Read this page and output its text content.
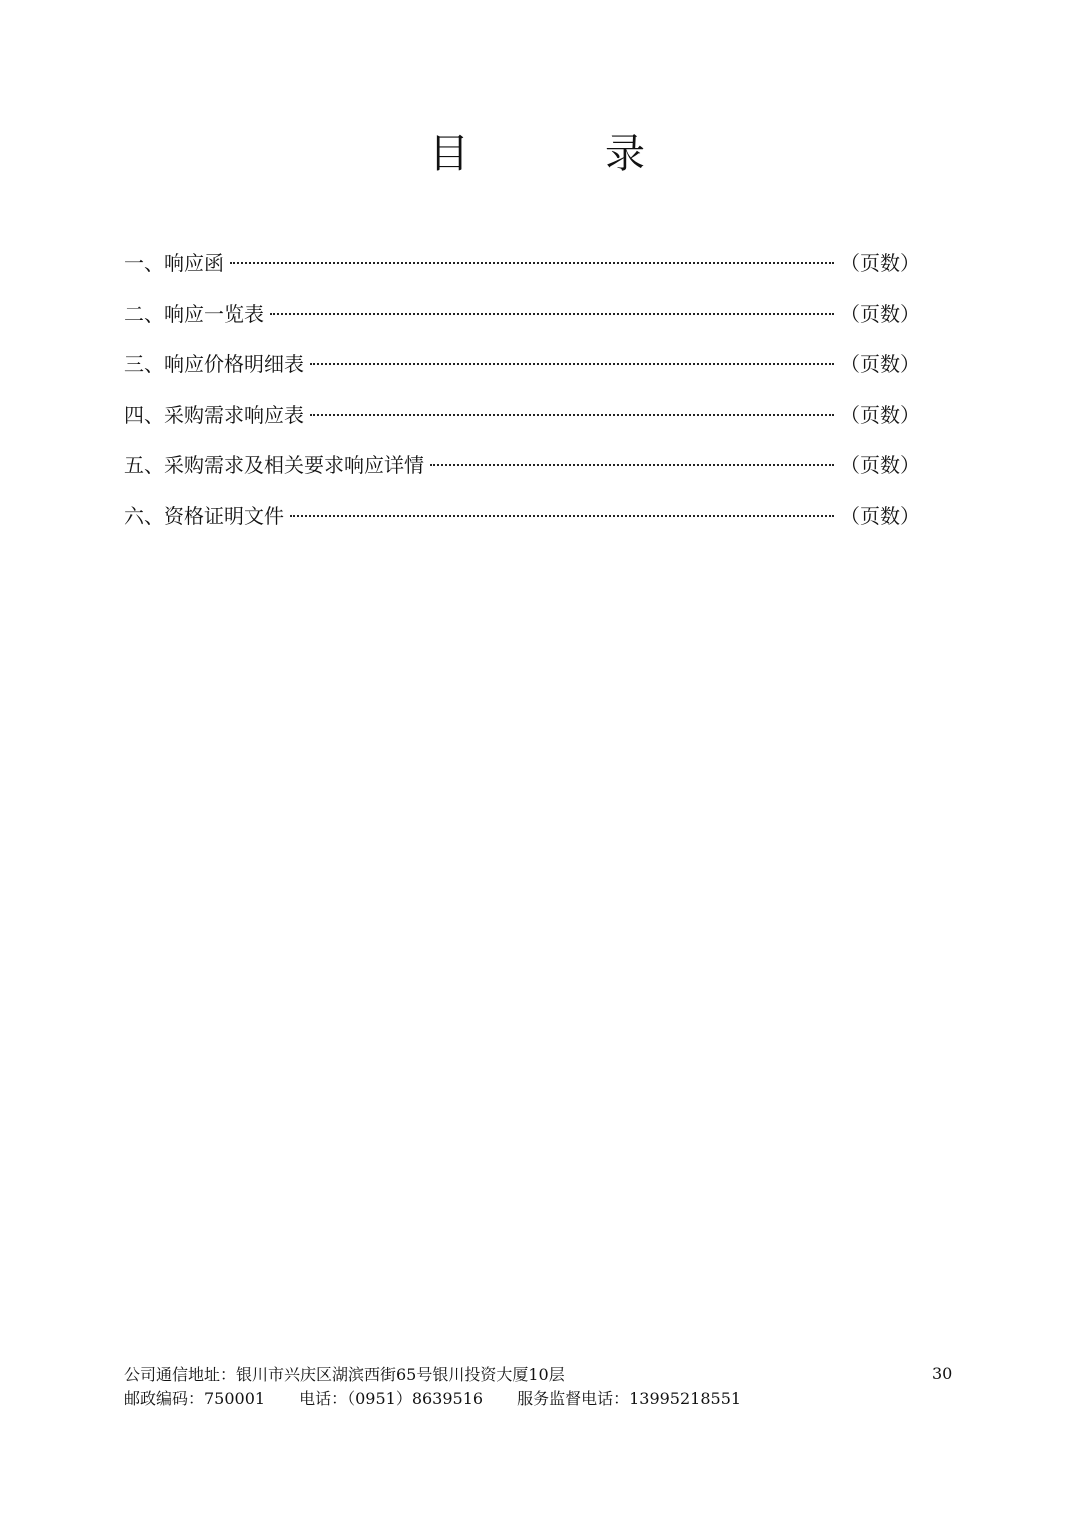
目　录
一、响应函	（页数）
二、响应一览表	（页数）
三、响应价格明细表	（页数）
四、采购需求响应表	（页数）
五、采购需求及相关要求响应详情	（页数）
六、资格证明文件	（页数）
公司通信地址：银川市兴庆区湖滨西街65号银川投资大厦10层
邮政编码：750001 电话：（0951）8639516 服务监督电话：13995218551
30
